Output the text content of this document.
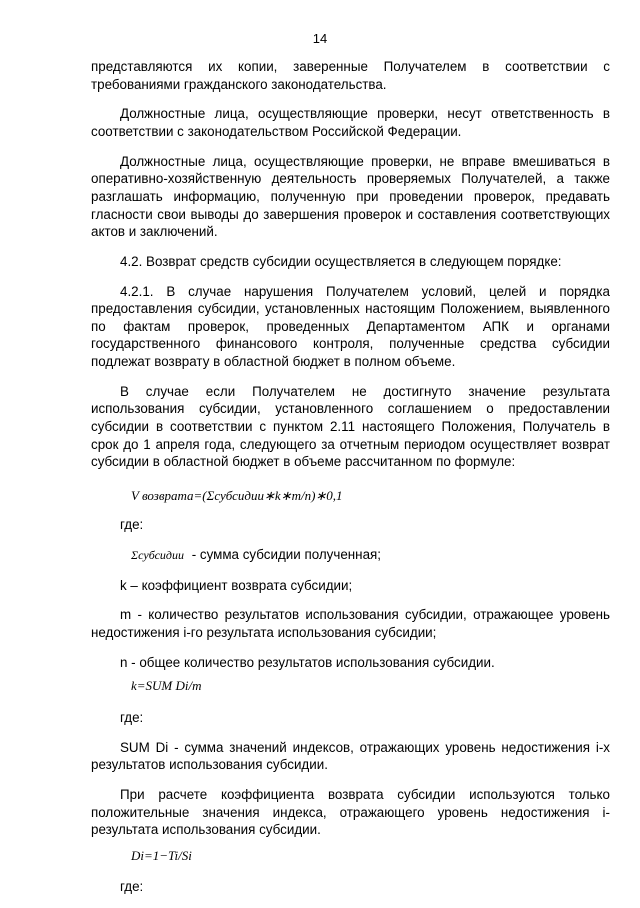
14

представляются их копии, заверенные Получателем в соответствии с требованиями гражданского законодательства.

Должностные лица, осуществляющие проверки, несут ответственность в соответствии с законодательством Российской Федерации.

Должностные лица, осуществляющие проверки, не вправе вмешиваться в оперативно-хозяйственную деятельность проверяемых Получателей, а также разглашать информацию, полученную при проведении проверок, предавать гласности свои выводы до завершения проверок и составления соответствующих актов и заключений.

4.2. Возврат средств субсидии осуществляется в следующем порядке:

4.2.1. В случае нарушения Получателем условий, целей и порядка предоставления субсидии, установленных настоящим Положением, выявленного по фактам проверок, проведенных Департаментом АПК и органами государственного финансового контроля, полученные средства субсидии подлежат возврату в областной бюджет в полном объеме.

В случае если Получателем не достигнуто значение результата использования субсидии, установленного соглашением о предоставлении субсидии в соответствии с пунктом 2.11 настоящего Положения, Получатель в срок до 1 апреля года, следующего за отчетным периодом осуществляет возврат субсидии в областной бюджет в объеме рассчитанном по формуле:

V возврата=(Σсубсидии∗k∗m/n)∗0,1
где:
Σсубсидии - сумма субсидии полученная;

k – коэффициент возврата субсидии;

m - количество результатов использования субсидии, отражающее уровень недостижения i-го результата использования субсидии;

n - общее количество результатов использования субсидии.

k=SUM Di/m
где:

SUM Di - сумма значений индексов, отражающих уровень недостижения i-х результатов использования субсидии.

При расчете коэффициента возврата субсидии используются только положительные значения индекса, отражающего уровень недостижения i-результата использования субсидии.

Di=1−Ti/Si
где:
